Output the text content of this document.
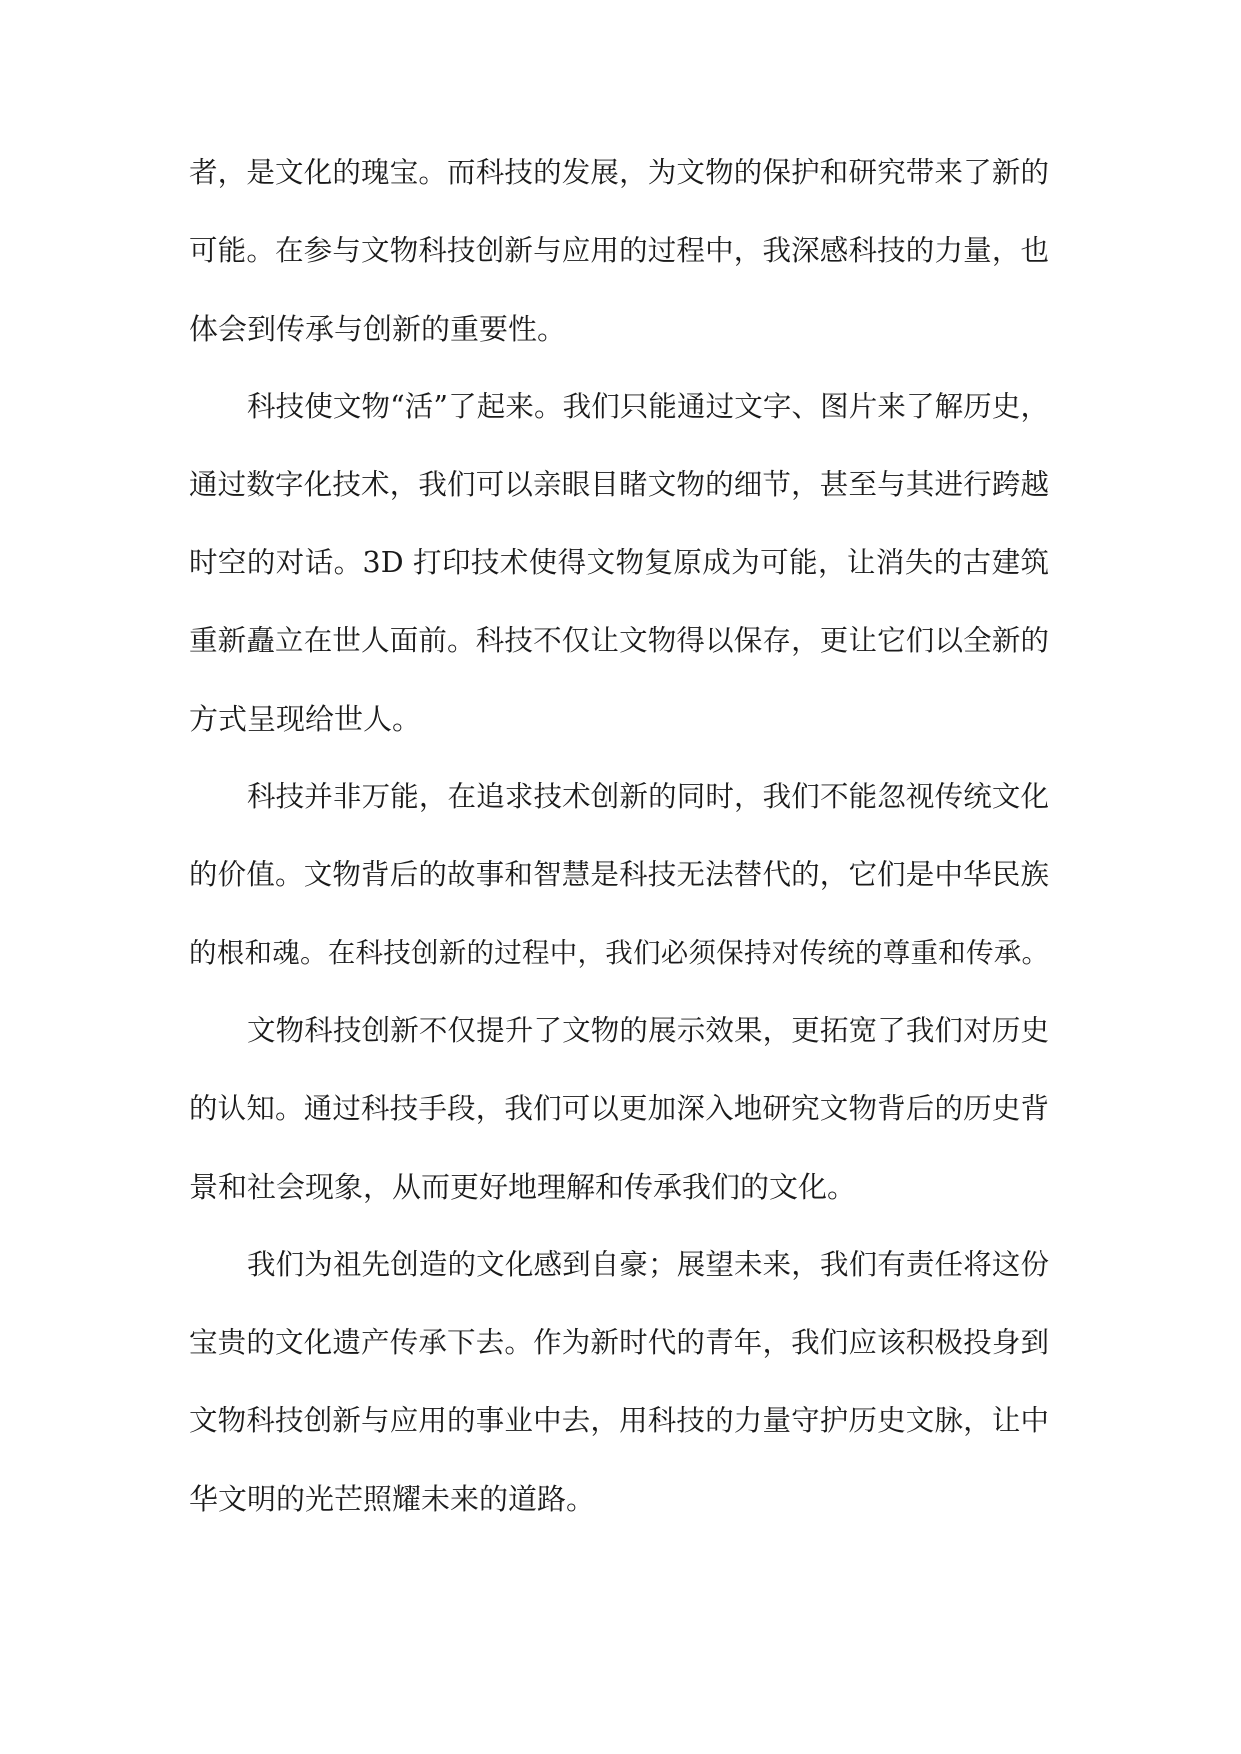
者，是文化的瑰宝。而科技的发展，为文物的保护和研究带来了新的
可能。在参与文物科技创新与应用的过程中，我深感科技的力量，也
体会到传承与创新的重要性。
科技使文物“活”了起来。我们只能通过文字、图片来了解历史，
通过数字化技术，我们可以亲眼目睹文物的细节，甚至与其进行跨越
时空的对话。3D 打印技术使得文物复原成为可能，让消失的古建筑
重新矗立在世人面前。科技不仅让文物得以保存，更让它们以全新的
方式呈现给世人。
科技并非万能，在追求技术创新的同时，我们不能忽视传统文化
的价值。文物背后的故事和智慧是科技无法替代的，它们是中华民族
的根和魂。在科技创新的过程中，我们必须保持对传统的尊重和传承。
文物科技创新不仅提升了文物的展示效果，更拓宽了我们对历史
的认知。通过科技手段，我们可以更加深入地研究文物背后的历史背
景和社会现象，从而更好地理解和传承我们的文化。
我们为祖先创造的文化感到自豪；展望未来，我们有责任将这份
宝贵的文化遗产传承下去。作为新时代的青年，我们应该积极投身到
文物科技创新与应用的事业中去，用科技的力量守护历史文脉，让中
华文明的光芒照耀未来的道路。
